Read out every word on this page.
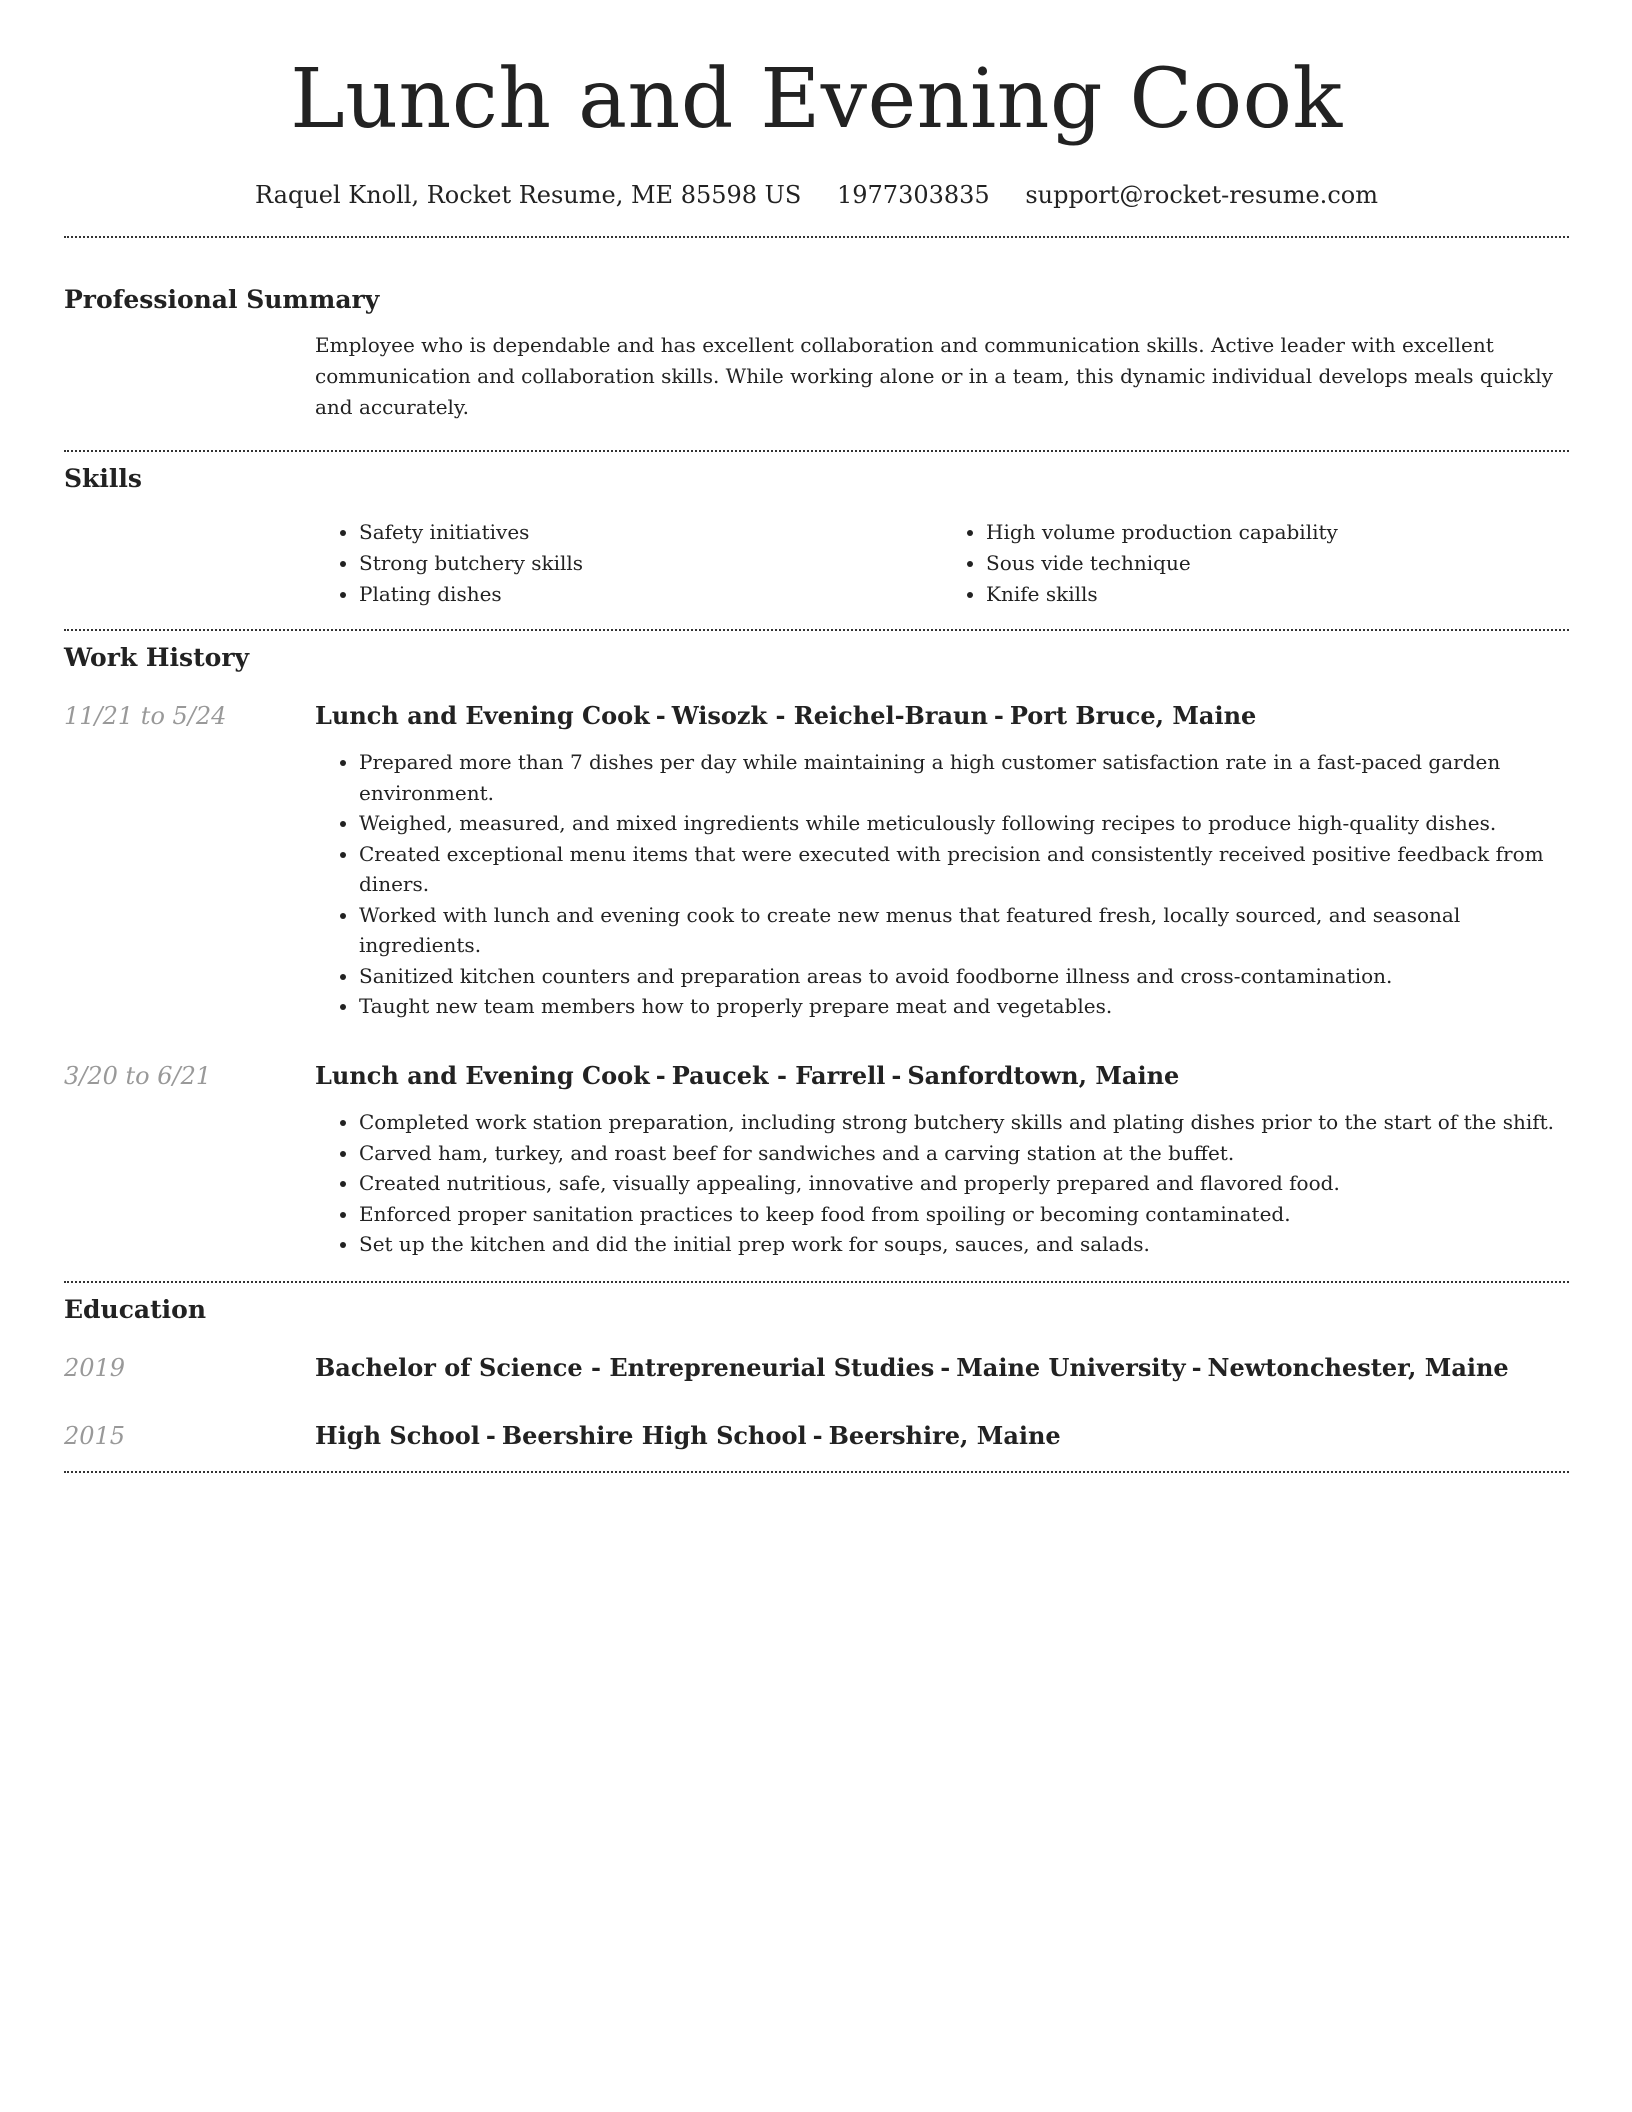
Lunch and Evening Cook
Raquel Knoll, Rocket Resume, ME 85598 US 1977303835 support@rocket-resume.com
Professional Summary

Employee who is dependable and has excellent collaboration and communication skills. Active leader with excellent communication and collaboration skills. While working alone or in a team, this dynamic individual develops meals quickly and accurately.

Skills
• Safety initiatives
• Strong butchery skills
• Plating dishes
• High volume production capability
• Sous vide technique
• Knife skills
Work History
11/21 to 5/24	Lunch and Evening Cook - Wisozk - Reichel-Braun - Port Bruce, Maine
• Prepared more than 7 dishes per day while maintaining a high customer satisfaction rate in a fast-paced garden environment.
• Weighed, measured, and mixed ingredients while meticulously following recipes to produce high-quality dishes.
• Created exceptional menu items that were executed with precision and consistently received positive feedback from diners.
• Worked with lunch and evening cook to create new menus that featured fresh, locally sourced, and seasonal ingredients.
• Sanitized kitchen counters and preparation areas to avoid foodborne illness and cross-contamination.
• Taught new team members how to properly prepare meat and vegetables.
3/20 to 6/21	Lunch and Evening Cook - Paucek - Farrell - Sanfordtown, Maine
• Completed work station preparation, including strong butchery skills and plating dishes prior to the start of the shift.
• Carved ham, turkey, and roast beef for sandwiches and a carving station at the buffet.
• Created nutritious, safe, visually appealing, innovative and properly prepared and flavored food.
• Enforced proper sanitation practices to keep food from spoiling or becoming contaminated.
• Set up the kitchen and did the initial prep work for soups, sauces, and salads.
Education
2019	Bachelor of Science - Entrepreneurial Studies - Maine University - Newtonchester, Maine
2015	High School - Beershire High School - Beershire, Maine
